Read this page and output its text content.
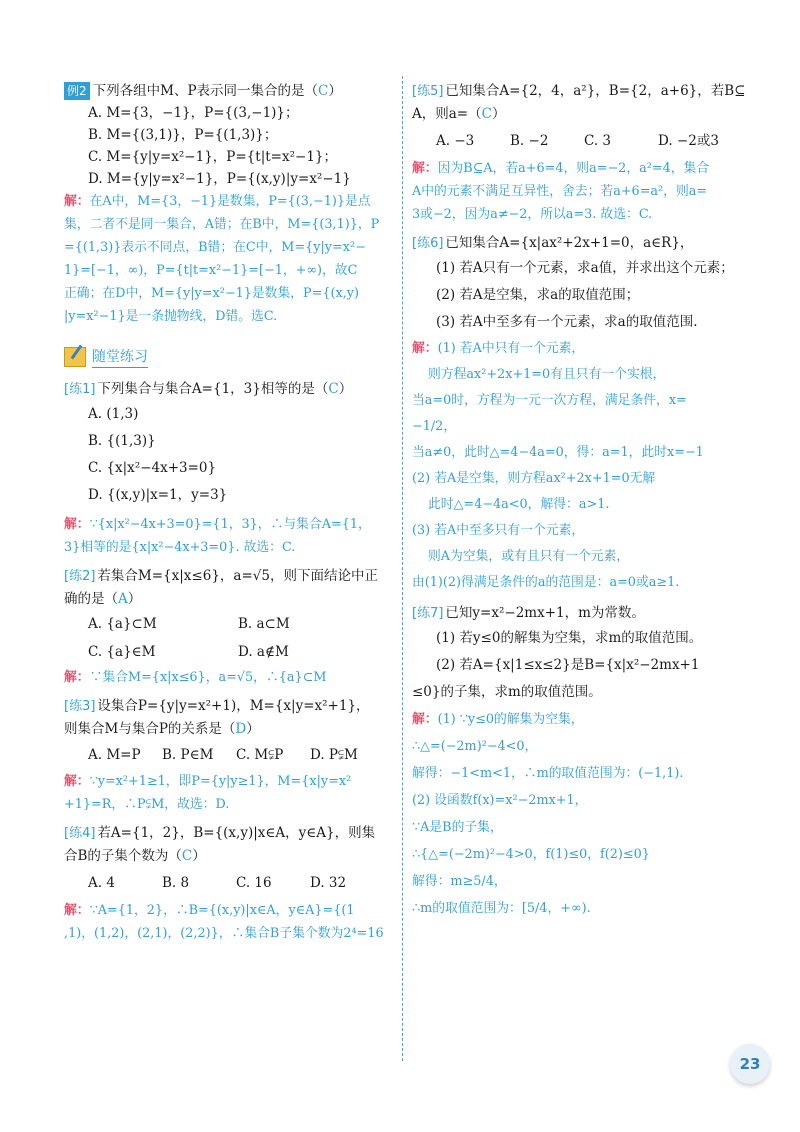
例2 下列各组中M、P表示同一集合的是（C）
A. M={3，−1}，P={(3,−1)}；
B. M={(3,1)}，P={(1,3)}；
C. M={y|y=x²−1}，P={t|t=x²−1}；
D. M={y|y=x²−1}，P={(x,y)|y=x²−1}
解：在A中，M={3，−1}是数集，P={(3,−1)}是点
集，二者不是同一集合，A错；在B中，M={(3,1)}，P
={(1,3)}表示不同点，B错；在C中，M={y|y=x²−
1}=[−1，∞)，P={t|t=x²−1}=[−1，+∞)，故C
正确；在D中，M={y|y=x²−1}是数集，P={(x,y)
|y=x²−1}是一条抛物线，D错。选C.
随堂练习
[练1] 下列集合与集合A={1，3}相等的是（C）
A. (1,3)
B. {(1,3)}
C. {x|x²−4x+3=0}
D. {(x,y)|x=1，y=3}
解：∵{x|x²−4x+3=0}={1，3}，∴与集合A={1，
3}相等的是{x|x²−4x+3=0}. 故选：C.
[练2] 若集合M={x|x≤6}，a=√5，则下面结论中正
确的是（A）
A. {a}⊂M	B. a⊂M
C. {a}∈M	D. a∉M
解：∵集合M={x|x≤6}，a=√5，∴{a}⊂M
[练3] 设集合P={y|y=x²+1)，M={x|y=x²+1}，
则集合M与集合P的关系是（D）
A. M=P	B. P∈M	C. M⫋P	D. P⫋M
解：∵y=x²+1≥1，即P={y|y≥1}，M={x|y=x²
+1}=R，∴P⫋M，故选：D.
[练4] 若A={1，2}，B={(x,y)|x∈A，y∈A}，则集
合B的子集个数为（C）
A. 4	B. 8	C. 16	D. 32
解：∵A={1，2}，∴B={(x,y)|x∈A，y∈A}={(1
,1)，(1,2)，(2,1)，(2,2)}，∴集合B子集个数为2⁴=16
[练5] 已知集合A={2，4，a²}，B={2，a+6}，若B⊆
A，则a=（C）
A. −3	B. −2	C. 3	D. −2或3
解：因为B⊆A，若a+6=4，则a=−2，a²=4，集合
A中的元素不满足互异性，舍去；若a+6=a²，则a=
3或−2，因为a≠−2，所以a=3. 故选：C.
[练6] 已知集合A={x|ax²+2x+1=0，a∈R}，
(1) 若A只有一个元素，求a值，并求出这个元素；
(2) 若A是空集，求a的取值范围；
(3) 若A中至多有一个元素，求a的取值范围.
解：(1) 若A中只有一个元素，
则方程ax²+2x+1=0有且只有一个实根，
当a=0时，方程为一元一次方程，满足条件，x=
−1/2，
当a≠0，此时△=4−4a=0，得：a=1，此时x=−1
(2) 若A是空集，则方程ax²+2x+1=0无解
此时△=4−4a<0，解得：a>1.
(3) 若A中至多只有一个元素，
则A为空集，或有且只有一个元素，
由(1)(2)得满足条件的a的范围是：a=0或a≥1.
[练7] 已知y=x²−2mx+1，m为常数。
(1) 若y≤0的解集为空集，求m的取值范围。
(2) 若A={x|1≤x≤2}是B={x|x²−2mx+1
≤0}的子集，求m的取值范围。
解：(1) ∵y≤0的解集为空集，
∴△=(−2m)²−4<0，
解得：−1<m<1，∴m的取值范围为：(−1,1).
(2) 设函数f(x)=x²−2mx+1，
∵A是B的子集，
∴{△=(−2m)²−4>0，f(1)≤0，f(2)≤0}
解得：m≥5/4，
∴m的取值范围为：[5/4，+∞).
23
